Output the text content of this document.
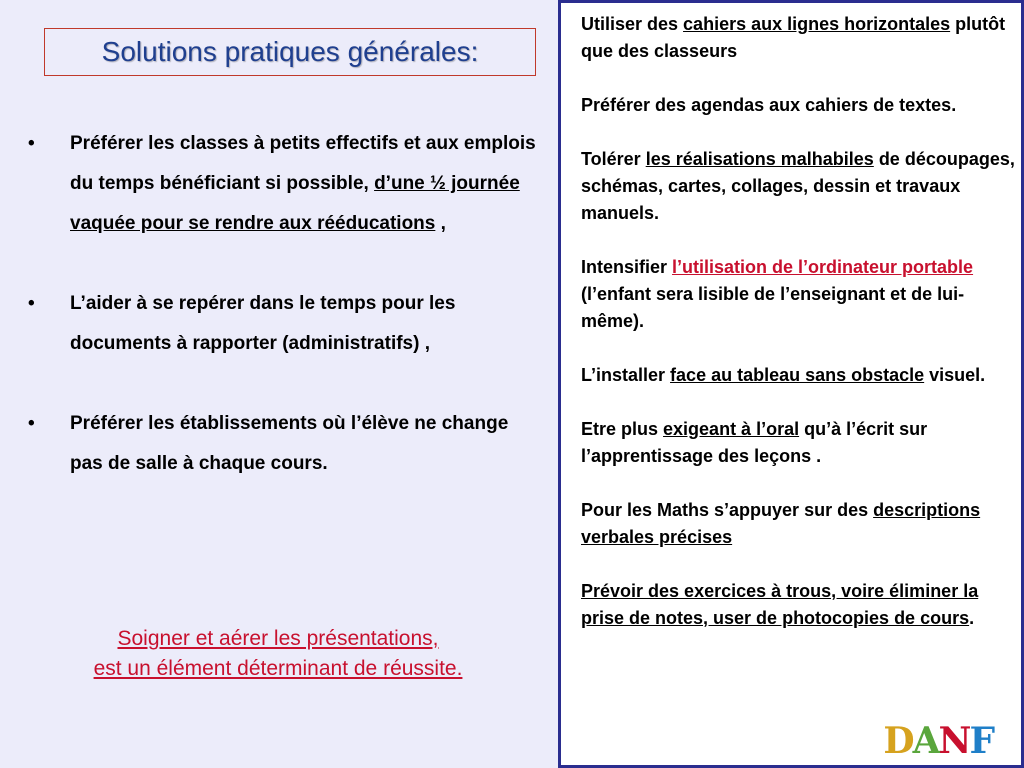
Solutions pratiques générales:
• Préférer les classes à petits effectifs et aux emplois du temps bénéficiant si possible, d’une ½ journée vaquée pour se rendre aux rééducations ,
• L’aider à se repérer dans le temps pour les documents à rapporter (administratifs) ,
• Préférer les établissements où l’élève ne change pas de salle à chaque cours.
Soigner et aérer les présentations,
est un élément déterminant de réussite.

Utiliser des cahiers aux lignes horizontales plutôt que des classeurs

Préférer des agendas aux cahiers de textes.

Tolérer les réalisations malhabiles de découpages, schémas, cartes, collages, dessin et travaux manuels.

Intensifier l’utilisation de l’ordinateur portable (l’enfant sera lisible de l’enseignant et de lui-même).

L’installer face au tableau sans obstacle visuel.

Etre plus exigeant à l’oral qu’à l’écrit sur l’apprentissage des leçons .

Pour les Maths s’appuyer sur des descriptions verbales précises

Prévoir des exercices à trous, voire éliminer la prise de notes, user de photocopies de cours.

DANF
